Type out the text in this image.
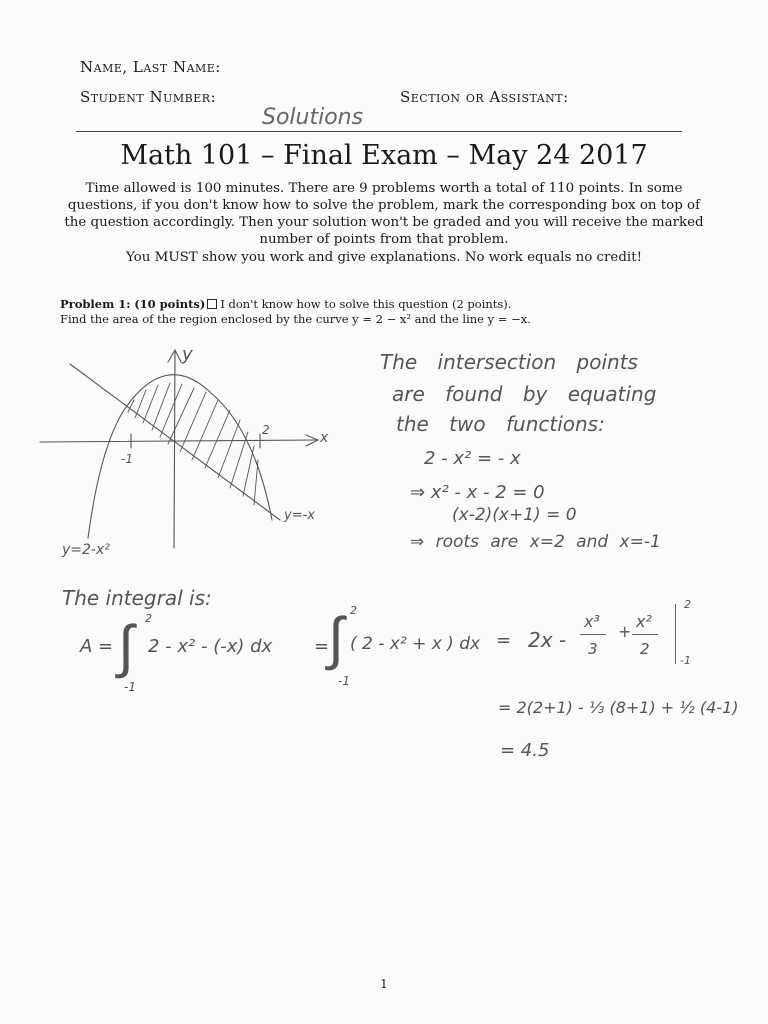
Name, Last Name:
Student Number:	Section or Assistant:
Solutions
Math 101 – Final Exam – May 24 2017
Time allowed is 100 minutes. There are 9 problems worth a total of 110 points. In some questions, if you don't know how to solve the problem, mark the corresponding box on top of the question accordingly. Then your solution won't be graded and you will receive the marked number of points from that problem.
You MUST show you work and give explanations. No work equals no credit!
Problem 1: (10 points) I don't know how to solve this question (2 points).
Find the area of the region enclosed by the curve y = 2 − x² and the line y = −x.
y
x
-1
2
y=-x
y=2-x²
The intersection points
are found by equating
the two functions:
2 - x² = - x
⇒ x² - x - 2 = 0
(x-2)(x+1) = 0
⇒ roots are x=2 and x=-1
The integral is:
A = ∫ 2
-1
2 - x² - (-x) dx =
∫ 2
-1
( 2 - x² + x ) dx = 2x -
x³
3
+
x²
2
2
-1
= 2(2+1) - ⅓ (8+1) + ½ (4-1)
= 4.5
1
